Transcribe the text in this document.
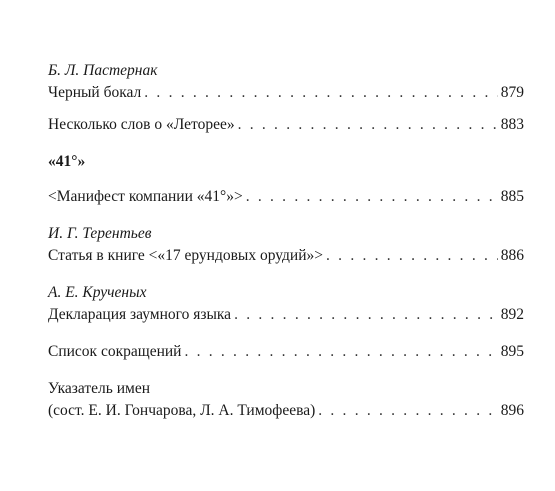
Б. Л. Пастернак
Черный бокал . . .	879
Несколько слов о «Леторее» . . .	883
«41°»
<Манифест компании «41°»> . . .	885
И. Г. Терентьев
Статья в книге <«17 ерундовых орудий»> . . .	886
А. Е. Крученых
Декларация заумного языка . . .	892
Список сокращений . . .	895
Указатель имен
(сост. Е. И. Гончарова, Л. А. Тимофеева) . . .	896
